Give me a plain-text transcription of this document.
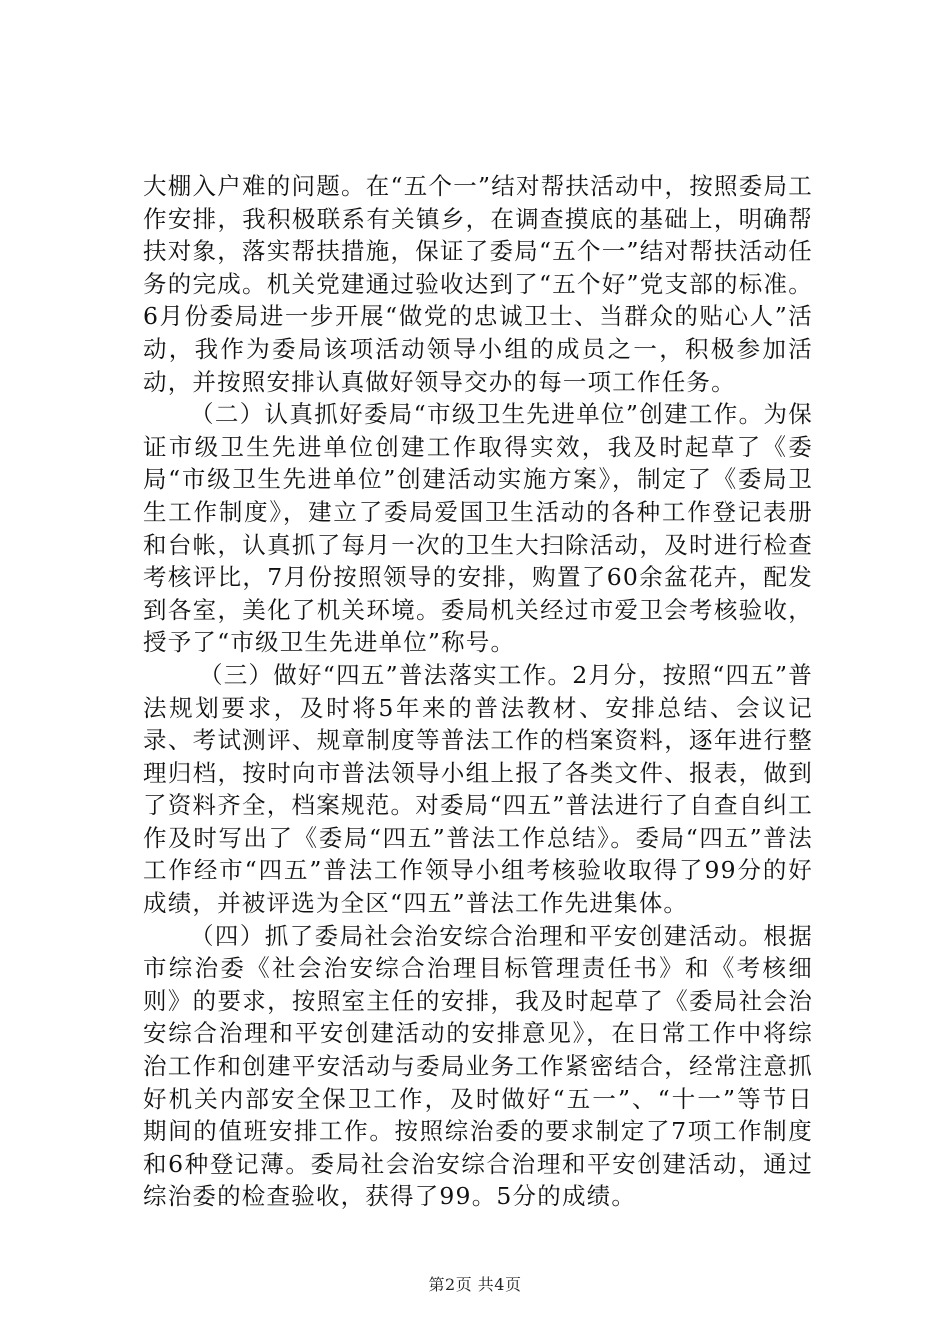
大棚入户难的问题。在“五个一”结对帮扶活动中，按照委局工作安排，我积极联系有关镇乡，在调查摸底的基础上，明确帮扶对象，落实帮扶措施，保证了委局“五个一”结对帮扶活动任务的完成。机关党建通过验收达到了“五个好”党支部的标准。6月份委局进一步开展“做党的忠诚卫士、当群众的贴心人”活动，我作为委局该项活动领导小组的成员之一，积极参加活动，并按照安排认真做好领导交办的每一项工作任务。

（二）认真抓好委局“市级卫生先进单位”创建工作。为保证市级卫生先进单位创建工作取得实效，我及时起草了《委局“市级卫生先进单位”创建活动实施方案》，制定了《委局卫生工作制度》，建立了委局爱国卫生活动的各种工作登记表册和台帐，认真抓了每月一次的卫生大扫除活动，及时进行检查考核评比，7月份按照领导的安排，购置了60余盆花卉，配发到各室，美化了机关环境。委局机关经过市爱卫会考核验收，授予了“市级卫生先进单位”称号。

（三）做好“四五”普法落实工作。2月分，按照“四五”普法规划要求，及时将5年来的普法教材、安排总结、会议记录、考试测评、规章制度等普法工作的档案资料，逐年进行整理归档，按时向市普法领导小组上报了各类文件、报表，做到了资料齐全，档案规范。对委局“四五”普法进行了自查自纠工作及时写出了《委局“四五”普法工作总结》。委局“四五”普法工作经市“四五”普法工作领导小组考核验收取得了99分的好成绩，并被评选为全区“四五”普法工作先进集体。

（四）抓了委局社会治安综合治理和平安创建活动。根据市综治委《社会治安综合治理目标管理责任书》和《考核细则》的要求，按照室主任的安排，我及时起草了《委局社会治安综合治理和平安创建活动的安排意见》，在日常工作中将综治工作和创建平安活动与委局业务工作紧密结合，经常注意抓好机关内部安全保卫工作，及时做好“五一”、“十一”等节日期间的值班安排工作。按照综治委的要求制定了7项工作制度和6种登记薄。委局社会治安综合治理和平安创建活动，通过综治委的检查验收，获得了99。5分的成绩。

第2页 共4页
